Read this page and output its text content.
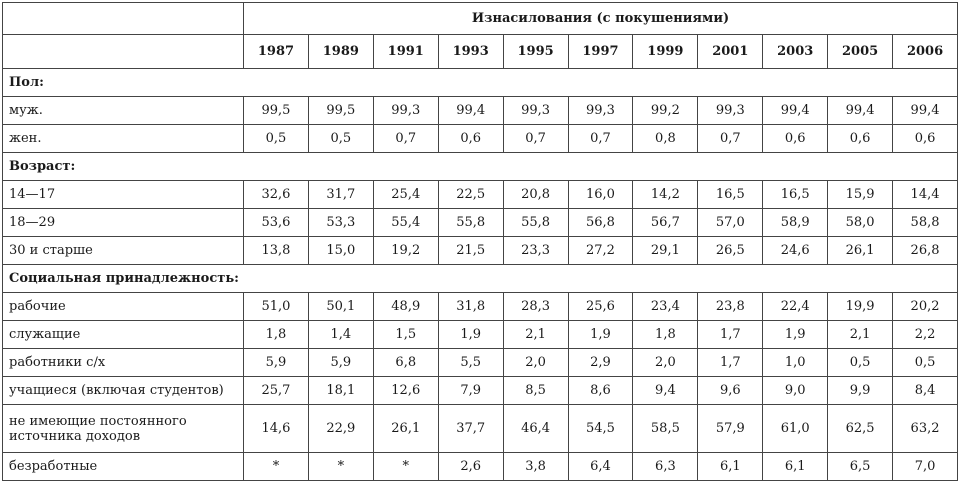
	Изнасилования (с покушениями)										
	1987	1989	1991	1993	1995	1997	1999	2001	2003	2005	2006
Пол:											
муж.	99,5	99,5	99,3	99,4	99,3	99,3	99,2	99,3	99,4	99,4	99,4
жен.	0,5	0,5	0,7	0,6	0,7	0,7	0,8	0,7	0,6	0,6	0,6
Возраст:											
14—17	32,6	31,7	25,4	22,5	20,8	16,0	14,2	16,5	16,5	15,9	14,4
18—29	53,6	53,3	55,4	55,8	55,8	56,8	56,7	57,0	58,9	58,0	58,8
30 и старше	13,8	15,0	19,2	21,5	23,3	27,2	29,1	26,5	24,6	26,1	26,8
Социальная принадлежность:											
рабочие	51,0	50,1	48,9	31,8	28,3	25,6	23,4	23,8	22,4	19,9	20,2
служащие	1,8	1,4	1,5	1,9	2,1	1,9	1,8	1,7	1,9	2,1	2,2
работники с/х	5,9	5,9	6,8	5,5	2,0	2,9	2,0	1,7	1,0	0,5	0,5
учащиеся (включая студентов)	25,7	18,1	12,6	7,9	8,5	8,6	9,4	9,6	9,0	9,9	8,4
не имеющие постоянного источника доходов	14,6	22,9	26,1	37,7	46,4	54,5	58,5	57,9	61,0	62,5	63,2
безработные	*	*	*	2,6	3,8	6,4	6,3	6,1	6,1	6,5	7,0
